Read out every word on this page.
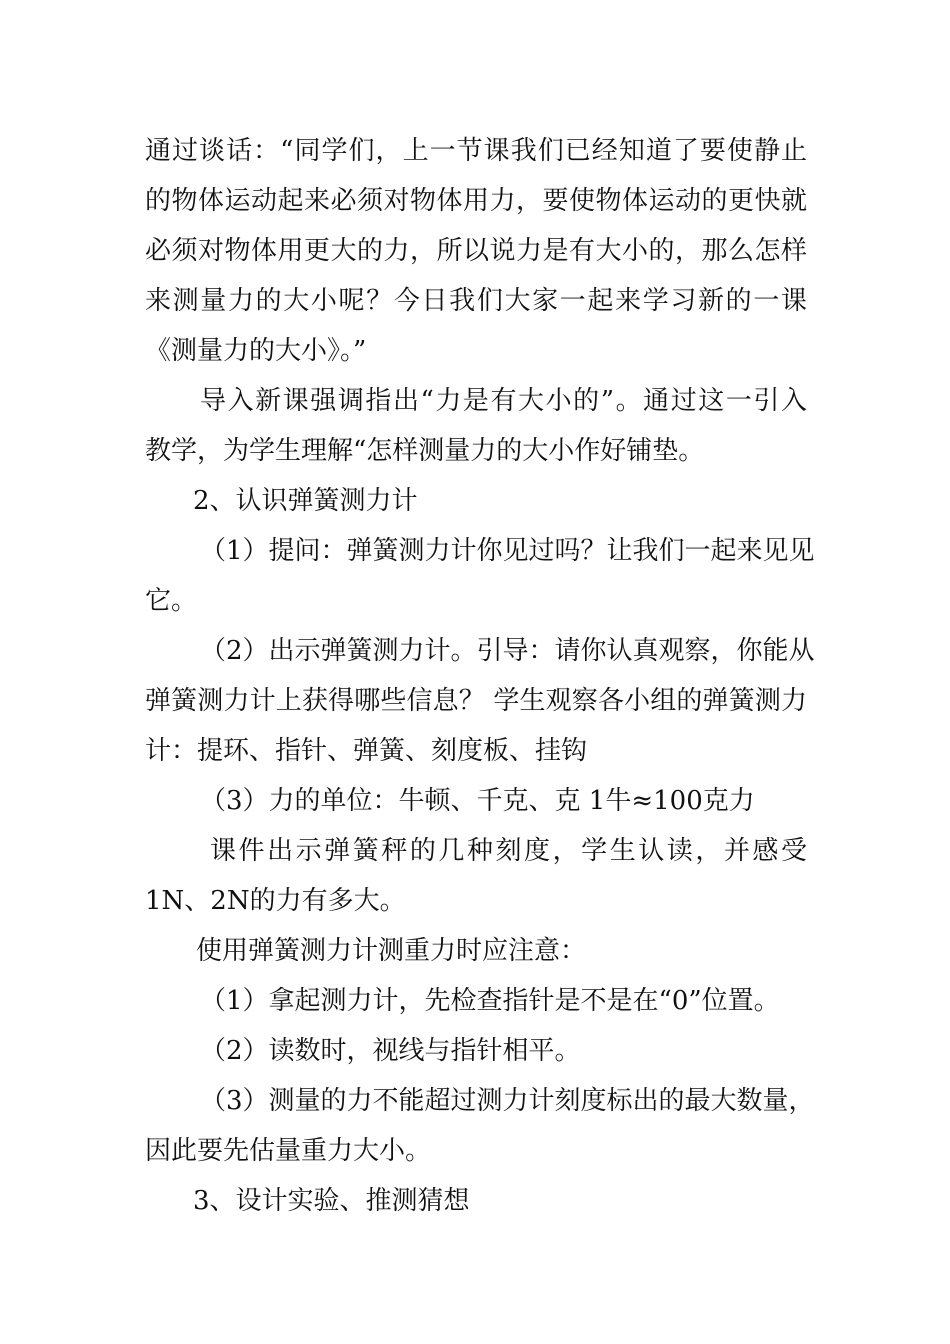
通过谈话：“同学们，上一节课我们已经知道了要使静止
的物体运动起来必须对物体用力，要使物体运动的更快就
必须对物体用更大的力，所以说力是有大小的，那么怎样
来测量力的大小呢？今日我们大家一起来学习新的一课
《测量力的大小》。”
导入新课强调指出“力是有大小的”。通过这一引入
教学，为学生理解“怎样测量力的大小作好铺垫。
2、认识弹簧测力计
（1）提问：弹簧测力计你见过吗？让我们一起来见见
它。
（2）出示弹簧测力计。引导：请你认真观察，你能从
弹簧测力计上获得哪些信息？ 学生观察各小组的弹簧测力
计：提环、指针、弹簧、刻度板、挂钩
（3）力的单位：牛顿、千克、克 1牛≈100克力
课件出示弹簧秤的几种刻度，学生认读，并感受
1N、2N的力有多大。
使用弹簧测力计测重力时应注意：
（1）拿起测力计，先检查指针是不是在“0”位置。
（2）读数时，视线与指针相平。
（3）测量的力不能超过测力计刻度标出的最大数量，
因此要先估量重力大小。
3、设计实验、推测猜想
